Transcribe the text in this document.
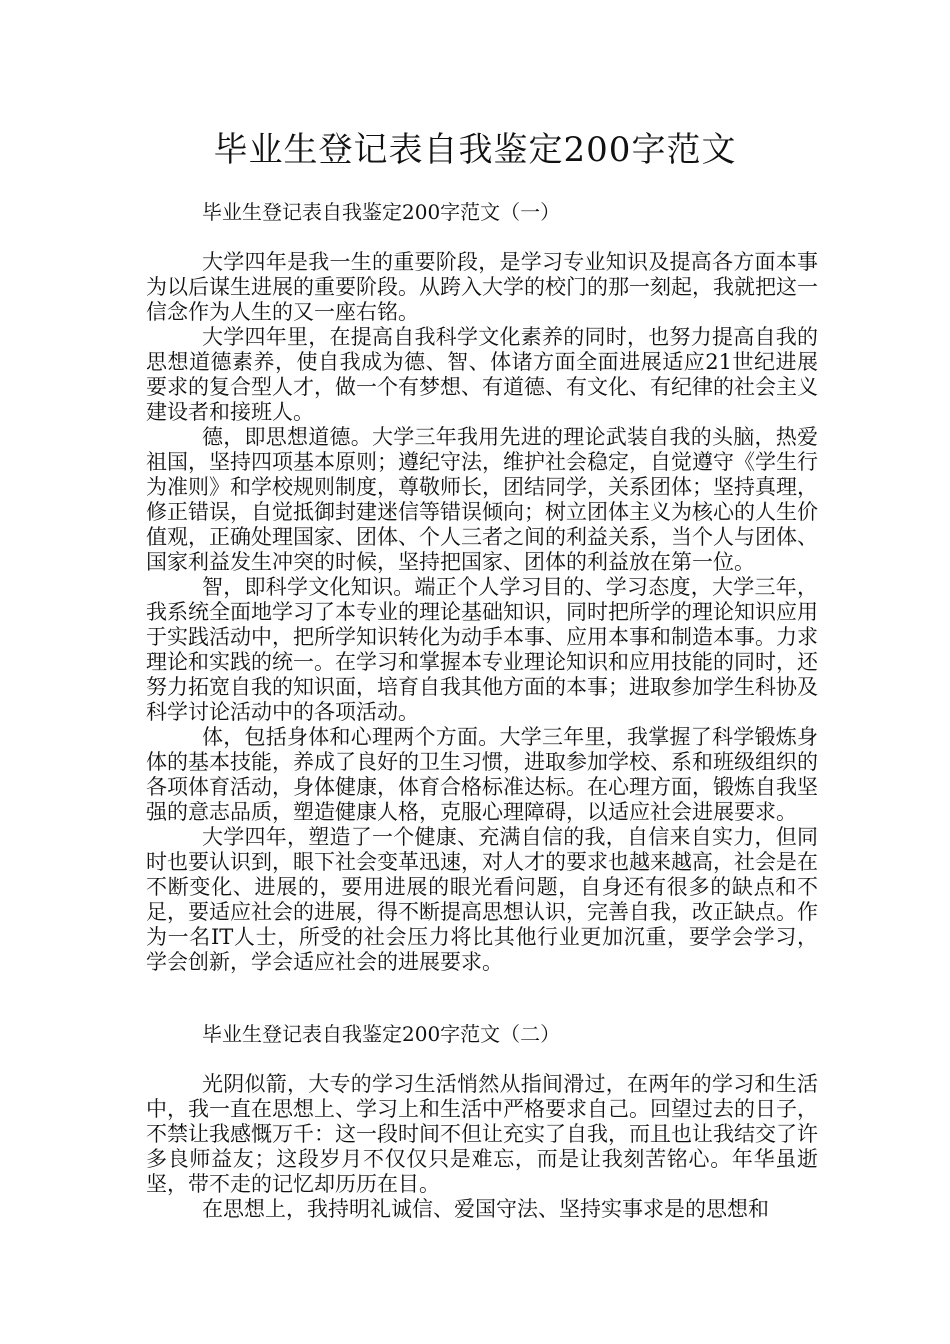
毕业生登记表自我鉴定200字范文

毕业生登记表自我鉴定200字范文（一）

大学四年是我一生的重要阶段，是学习专业知识及提高各方面本事为以后谋生进展的重要阶段。从跨入大学的校门的那一刻起，我就把这一信念作为人生的又一座右铭。

大学四年里，在提高自我科学文化素养的同时，也努力提高自我的思想道德素养，使自我成为德、智、体诸方面全面进展适应21世纪进展要求的复合型人才，做一个有梦想、有道德、有文化、有纪律的社会主义建设者和接班人。

德，即思想道德。大学三年我用先进的理论武装自我的头脑，热爱祖国，坚持四项基本原则；遵纪守法，维护社会稳定，自觉遵守《学生行为准则》和学校规则制度，尊敬师长，团结同学，关系团体；坚持真理，修正错误，自觉抵御封建迷信等错误倾向；树立团体主义为核心的人生价值观，正确处理国家、团体、个人三者之间的利益关系，当个人与团体、国家利益发生冲突的时候，坚持把国家、团体的利益放在第一位。

智，即科学文化知识。端正个人学习目的、学习态度，大学三年，我系统全面地学习了本专业的理论基础知识，同时把所学的理论知识应用于实践活动中，把所学知识转化为动手本事、应用本事和制造本事。力求理论和实践的统一。在学习和掌握本专业理论知识和应用技能的同时，还努力拓宽自我的知识面，培育自我其他方面的本事；进取参加学生科协及科学讨论活动中的各项活动。

体，包括身体和心理两个方面。大学三年里，我掌握了科学锻炼身体的基本技能，养成了良好的卫生习惯，进取参加学校、系和班级组织的各项体育活动，身体健康，体育合格标准达标。在心理方面，锻炼自我坚强的意志品质，塑造健康人格，克服心理障碍，以适应社会进展要求。

大学四年，塑造了一个健康、充满自信的我，自信来自实力，但同时也要认识到，眼下社会变革迅速，对人才的要求也越来越高，社会是在不断变化、进展的，要用进展的眼光看问题，自身还有很多的缺点和不足，要适应社会的进展，得不断提高思想认识，完善自我，改正缺点。作为一名IT人士，所受的社会压力将比其他行业更加沉重，要学会学习，学会创新，学会适应社会的进展要求。

毕业生登记表自我鉴定200字范文（二）

光阴似箭，大专的学习生活悄然从指间滑过，在两年的学习和生活中，我一直在思想上、学习上和生活中严格要求自己。回望过去的日子，不禁让我感慨万千：这一段时间不但让充实了自我，而且也让我结交了许多良师益友；这段岁月不仅仅只是难忘，而是让我刻苦铭心。年华虽逝坚，带不走的记忆却历历在目。

在思想上，我持明礼诚信、爱国守法、坚持实事求是的思想和
